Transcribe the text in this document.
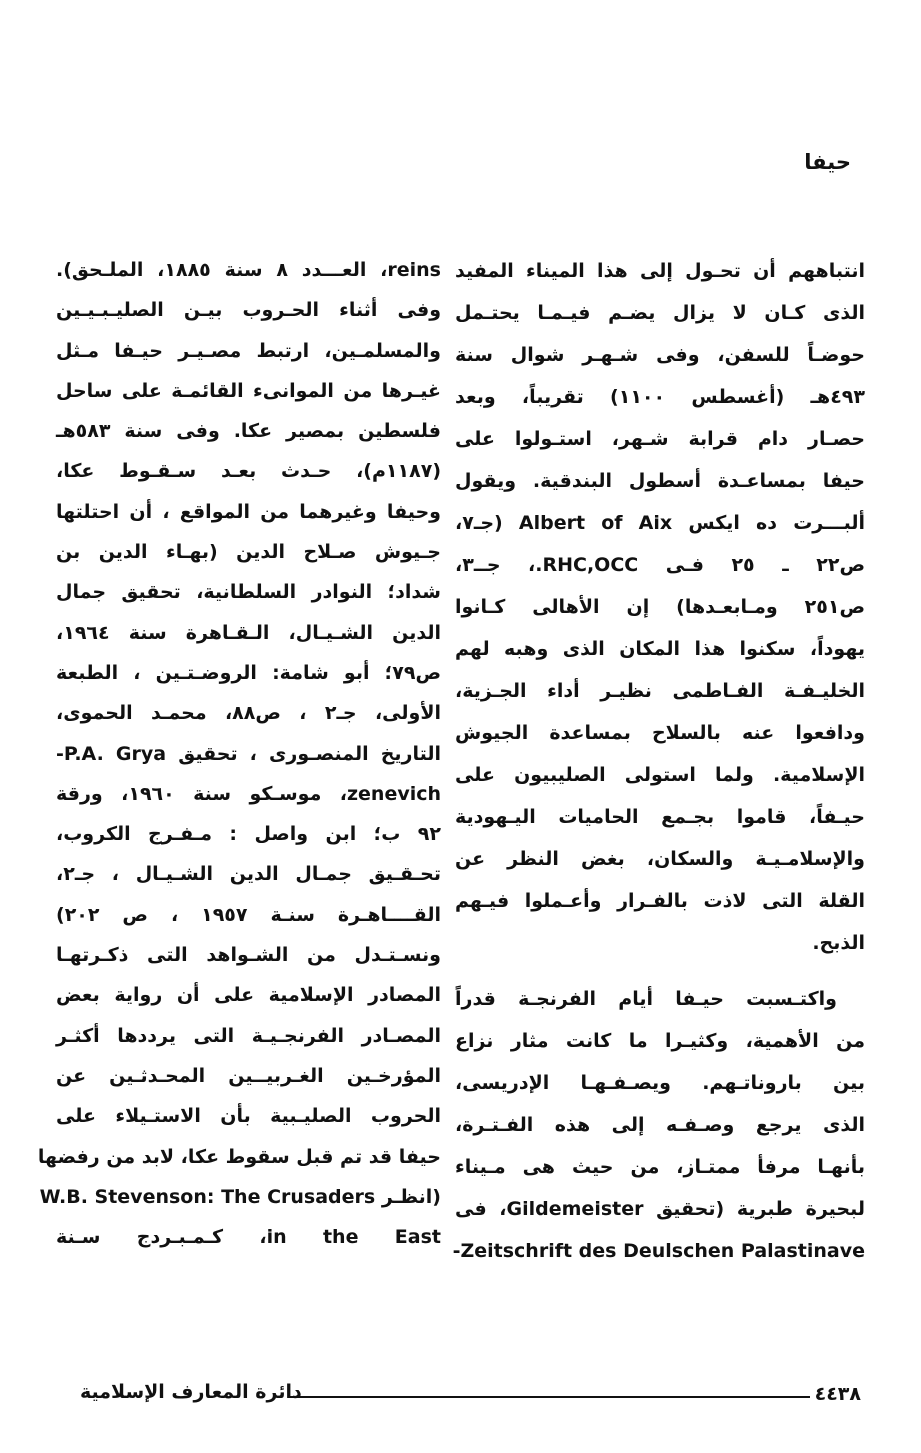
حيفا
انتباههم أن تحـول إلى هذا الميناء المفيد
الذى كـان لا يزال يضـم فيـمـا يحتـمل
حوضـاً للسفن، وفى شـهـر شوال سنة
٤٩٣هـ (أغسطس ١١٠٠) تقريباً، وبعد
حصـار دام قرابة شـهر، استـولوا على
حيفا بمساعـدة أسطول البندقية. ويقول
ألبـــرت ده ايكس Albert of Aix (جـ٧،
ص٢٢ ـ ٢٥ فـى RHC,OCC.، جــ٣،
ص٢٥١ ومـابعـدها) إن الأهالى كـانوا
يهوداً، سكنوا هذا المكان الذى وهبه لهم
الخليـفـة الفـاطمى نظيـر أداء الجـزية،
ودافعوا عنه بالسلاح بمساعدة الجيوش
الإسلامية. ولما استولى الصليبيون على
حيـفاً، قاموا بجـمع الحاميات اليـهودية
والإسلامـيـة والسكان، بغض النظر عن
القلة التى لاذت بالفـرار وأعـملوا فيـهم
الذبح.
واكتـسبت حيـفا أيام الفرنجـة قدراً
من الأهمية، وكثيـرا ما كانت مثار نزاع
بين باروناتـهم. ويصـفـهـا الإدريسى،
الذى يرجع وصـفـه إلى هذه الفـتـرة،
بأنهـا مرفأ ممتـاز، من حيث هى مـيناء
لبحيرة طبرية (تحقيق Gildemeister، فى
Zeitschrift des Deulschen Palastinave-
reins، العـــدد ٨ سنة ١٨٨٥، الملـحق).
وفى أثناء الحـروب بيـن الصليـبـيـين
والمسلمـين، ارتبط مصـيـر حيـفا مـثل
غيـرها من الموانىء القائمـة على ساحل
فلسطين بمصير عكا. وفى سنة ٥٨٣هـ
(١١٨٧م)، حـدث بعـد سـقـوط عكا،
وحيفا وغيرهما من المواقع ، أن احتلتها
جـيوش صـلاح الدين (بهـاء الدين بن
شداد؛ النوادر السلطانية، تحقيق جمال
الدين الشـيـال، الـقـاهرة سنة ١٩٦٤،
ص٧٩؛ أبو شامة: الروضـتـين ، الطبعة
الأولى، جـ٢ ، ص٨٨، محمـد الحموى،
التاريخ المنصـورى ، تحقيق P.A. Grya-
zenevich، موسـكو سنة ١٩٦٠، ورقة
٩٢ ب؛ ابن واصل : مـفـرج الكروب،
تحـقـيق جمـال الدين الشـيـال ، جـ٢،
القــــاهـرة سنـة ١٩٥٧ ، ص ٢٠٢)
ونسـتـدل من الشـواهد التى ذكـرتهـا
المصادر الإسلامية على أن رواية بعض
المصـادر الفرنجـيـة التى يرددها أكثـر
المؤرخـين الغـربيــين المحـدثـين عن
الحروب الصليـبية بأن الاستـيلاء على
حيفا قد تم قبل سقوط عكا، لابد من رفضها
(انظـر W.B. Stevenson: The Crusaders
in the East، كـمـبـردج سـنة
٤٤٣٨
دائرة المعارف الإسلامية
